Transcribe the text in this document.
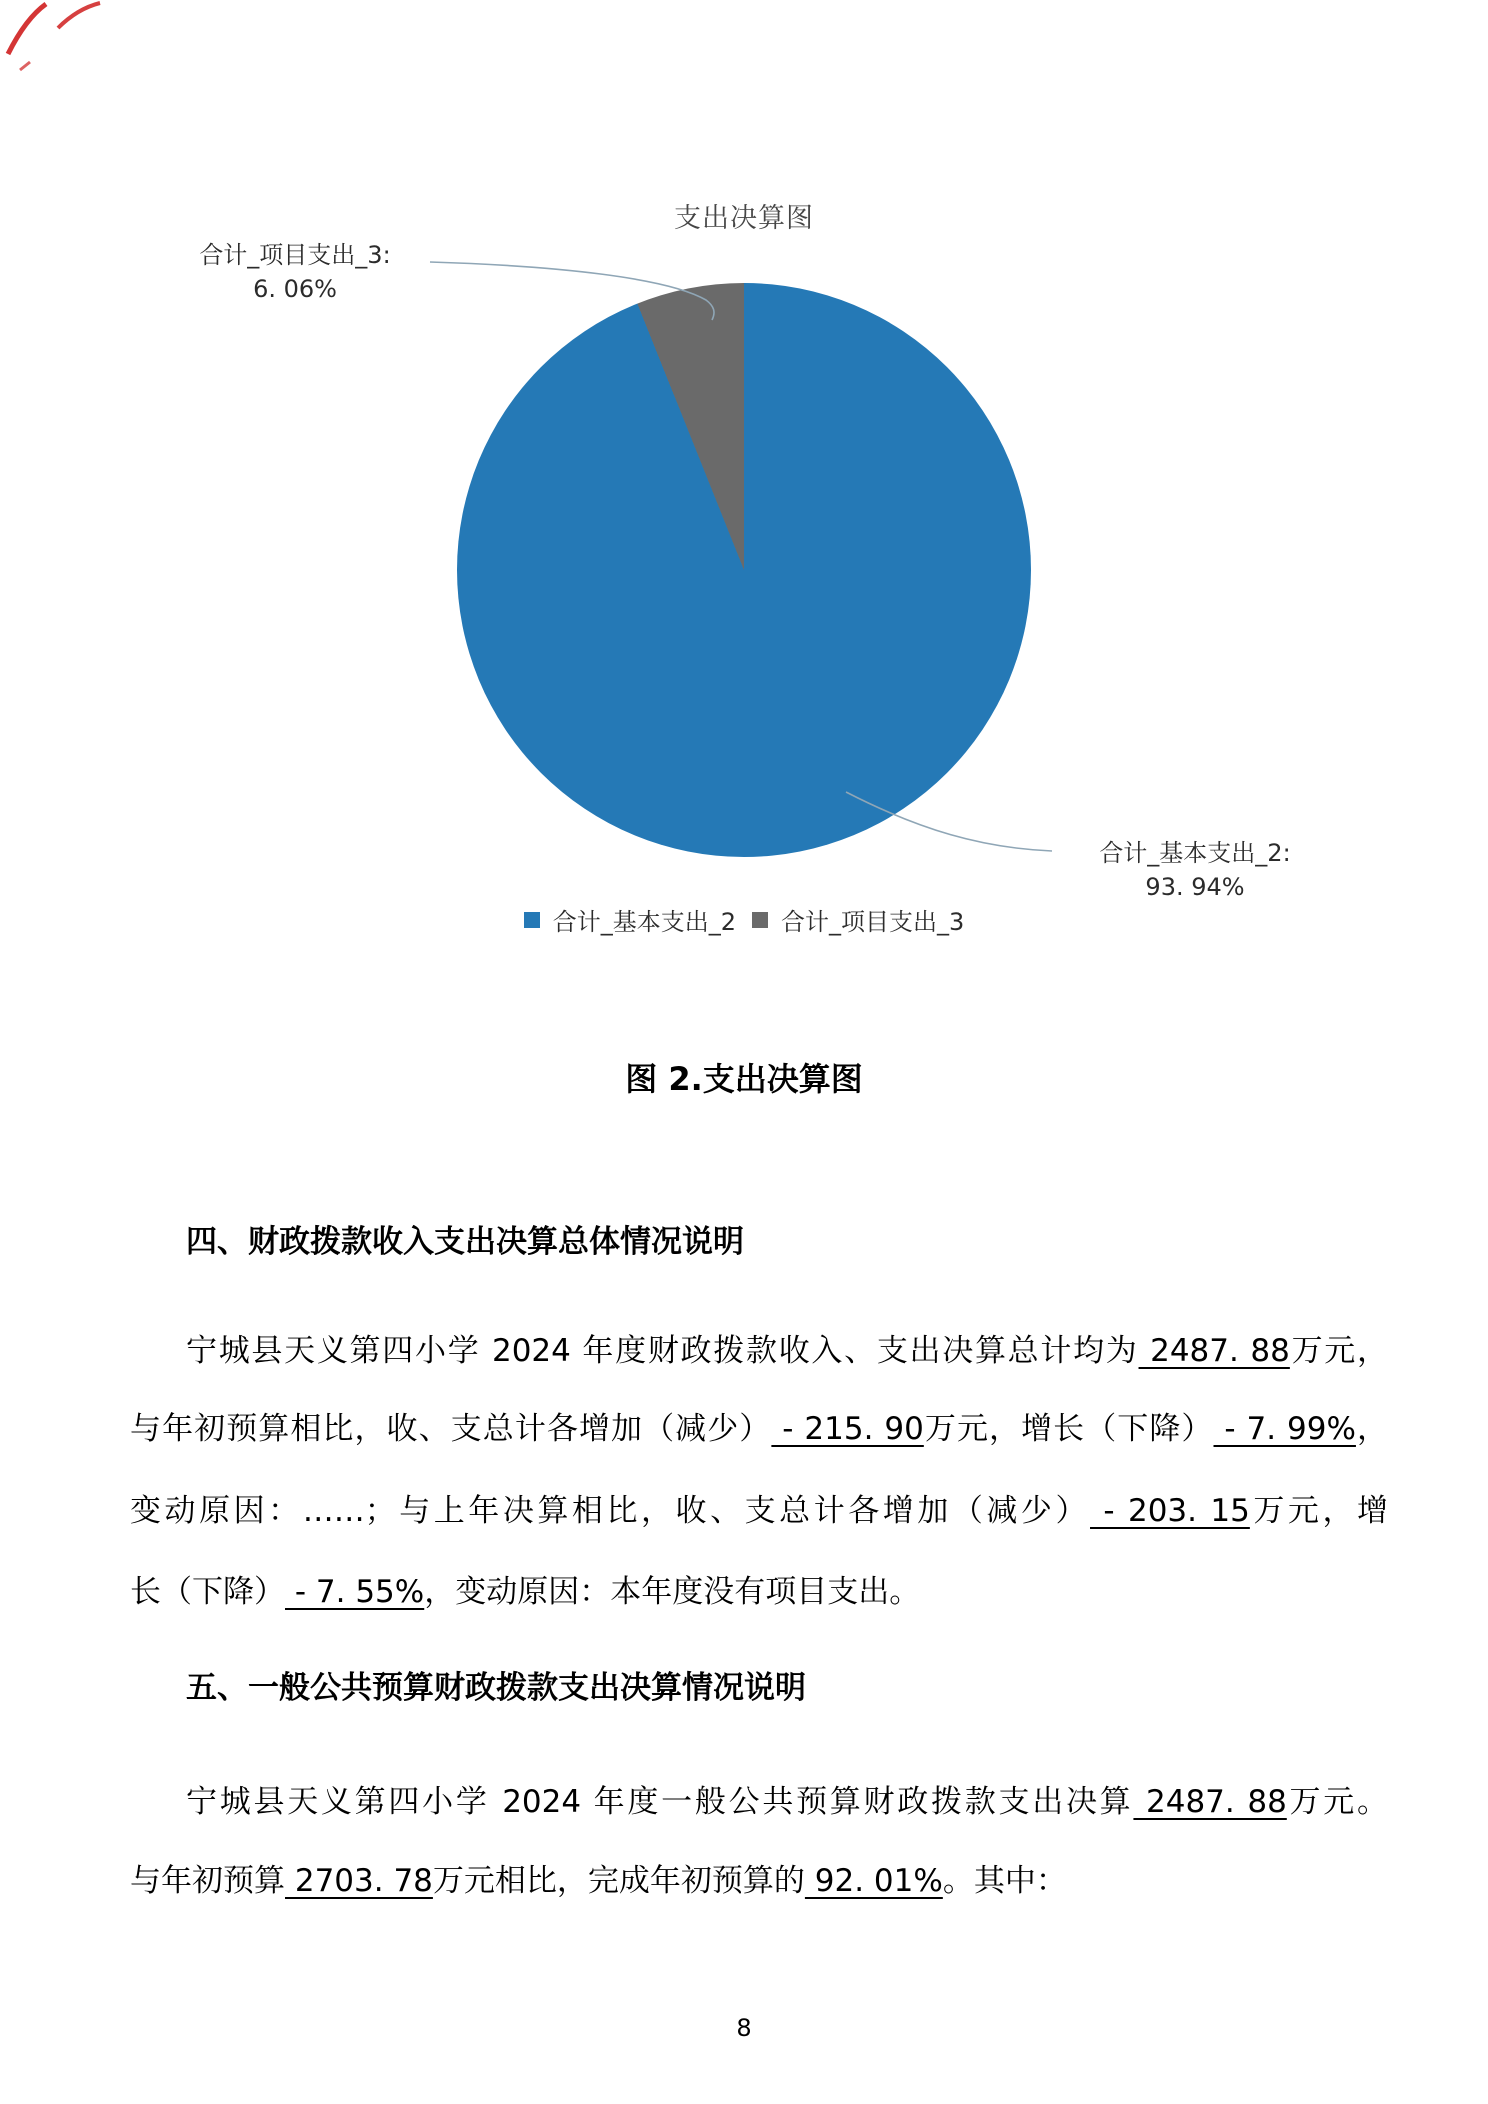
支出决算图
合计_项目支出_3:
6. 06%
合计_基本支出_2:
93. 94%
合计_基本支出_2 合计_项目支出_3
图 2.支出决算图
四、财政拨款收入支出决算总体情况说明
宁城县天义第四小学 2024 年度财政拨款收入、支出决算总计均为 2487. 88万元，
与年初预算相比，收、支总计各增加（减少） - 215. 90万元，增长（下降） - 7. 99%，
变动原因：……；与上年决算相比，收、支总计各增加（减少） - 203. 15万元，增
长（下降） - 7. 55%，变动原因：本年度没有项目支出。
五、一般公共预算财政拨款支出决算情况说明
宁城县天义第四小学 2024 年度一般公共预算财政拨款支出决算 2487. 88万元。
与年初预算 2703. 78万元相比，完成年初预算的 92. 01%。其中：
8
